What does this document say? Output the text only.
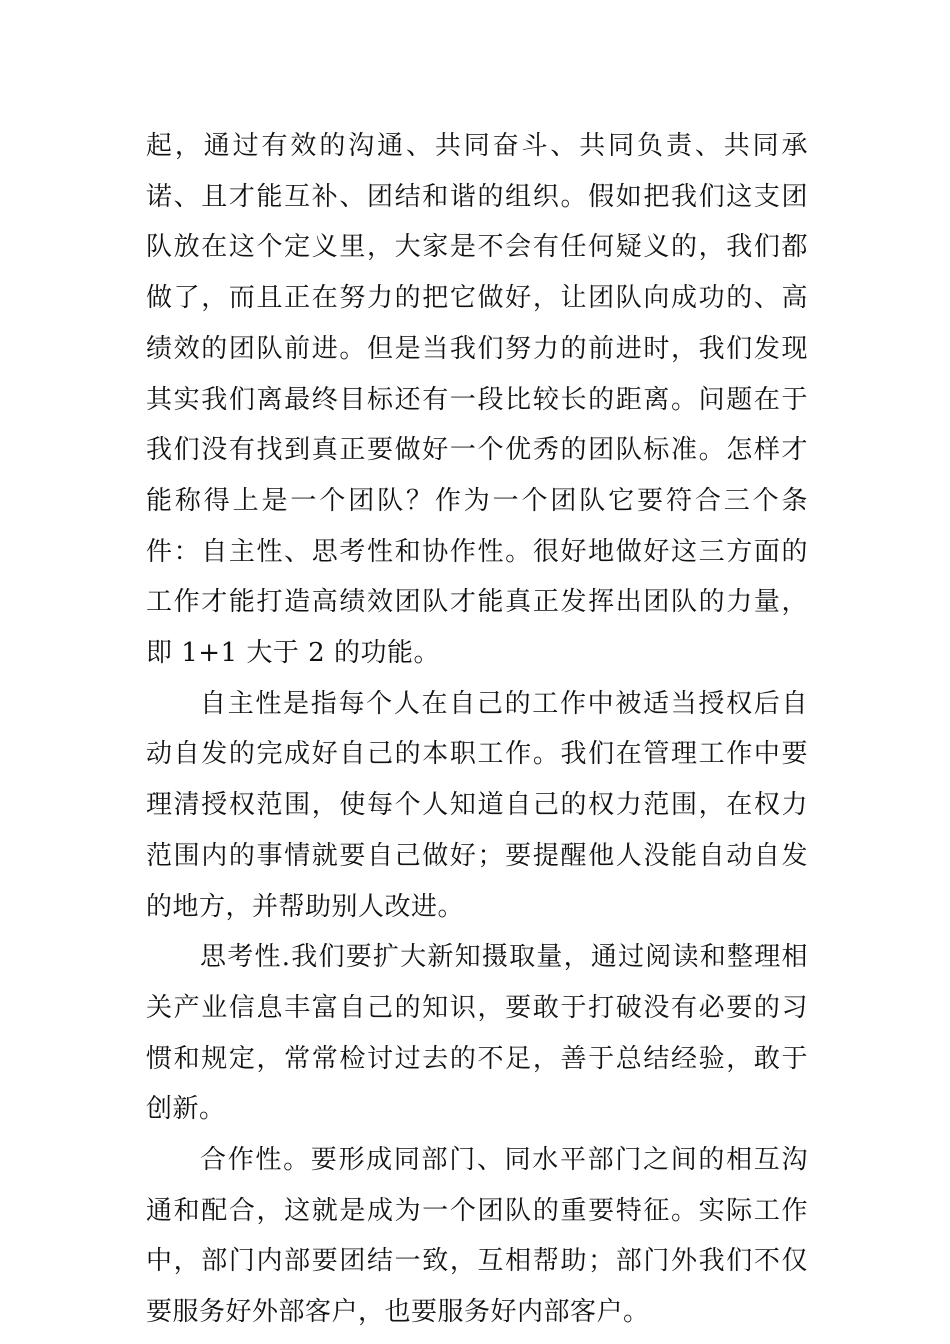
起，通过有效的沟通、共同奋斗、共同负责、共同承诺、且才能互补、团结和谐的组织。假如把我们这支团队放在这个定义里，大家是不会有任何疑义的，我们都做了，而且正在努力的把它做好，让团队向成功的、高绩效的团队前进。但是当我们努力的前进时，我们发现其实我们离最终目标还有一段比较长的距离。问题在于我们没有找到真正要做好一个优秀的团队标准。怎样才能称得上是一个团队？作为一个团队它要符合三个条件：自主性、思考性和协作性。很好地做好这三方面的工作才能打造高绩效团队才能真正发挥出团队的力量，即 1+1 大于 2 的功能。

自主性是指每个人在自己的工作中被适当授权后自动自发的完成好自己的本职工作。我们在管理工作中要理清授权范围，使每个人知道自己的权力范围，在权力范围内的事情就要自己做好；要提醒他人没能自动自发的地方，并帮助别人改进。

思考性.我们要扩大新知摄取量，通过阅读和整理相关产业信息丰富自己的知识，要敢于打破没有必要的习惯和规定，常常检讨过去的不足，善于总结经验，敢于创新。

合作性。要形成同部门、同水平部门之间的相互沟通和配合，这就是成为一个团队的重要特征。实际工作中，部门内部要团结一致，互相帮助；部门外我们不仅要服务好外部客户，也要服务好内部客户。
